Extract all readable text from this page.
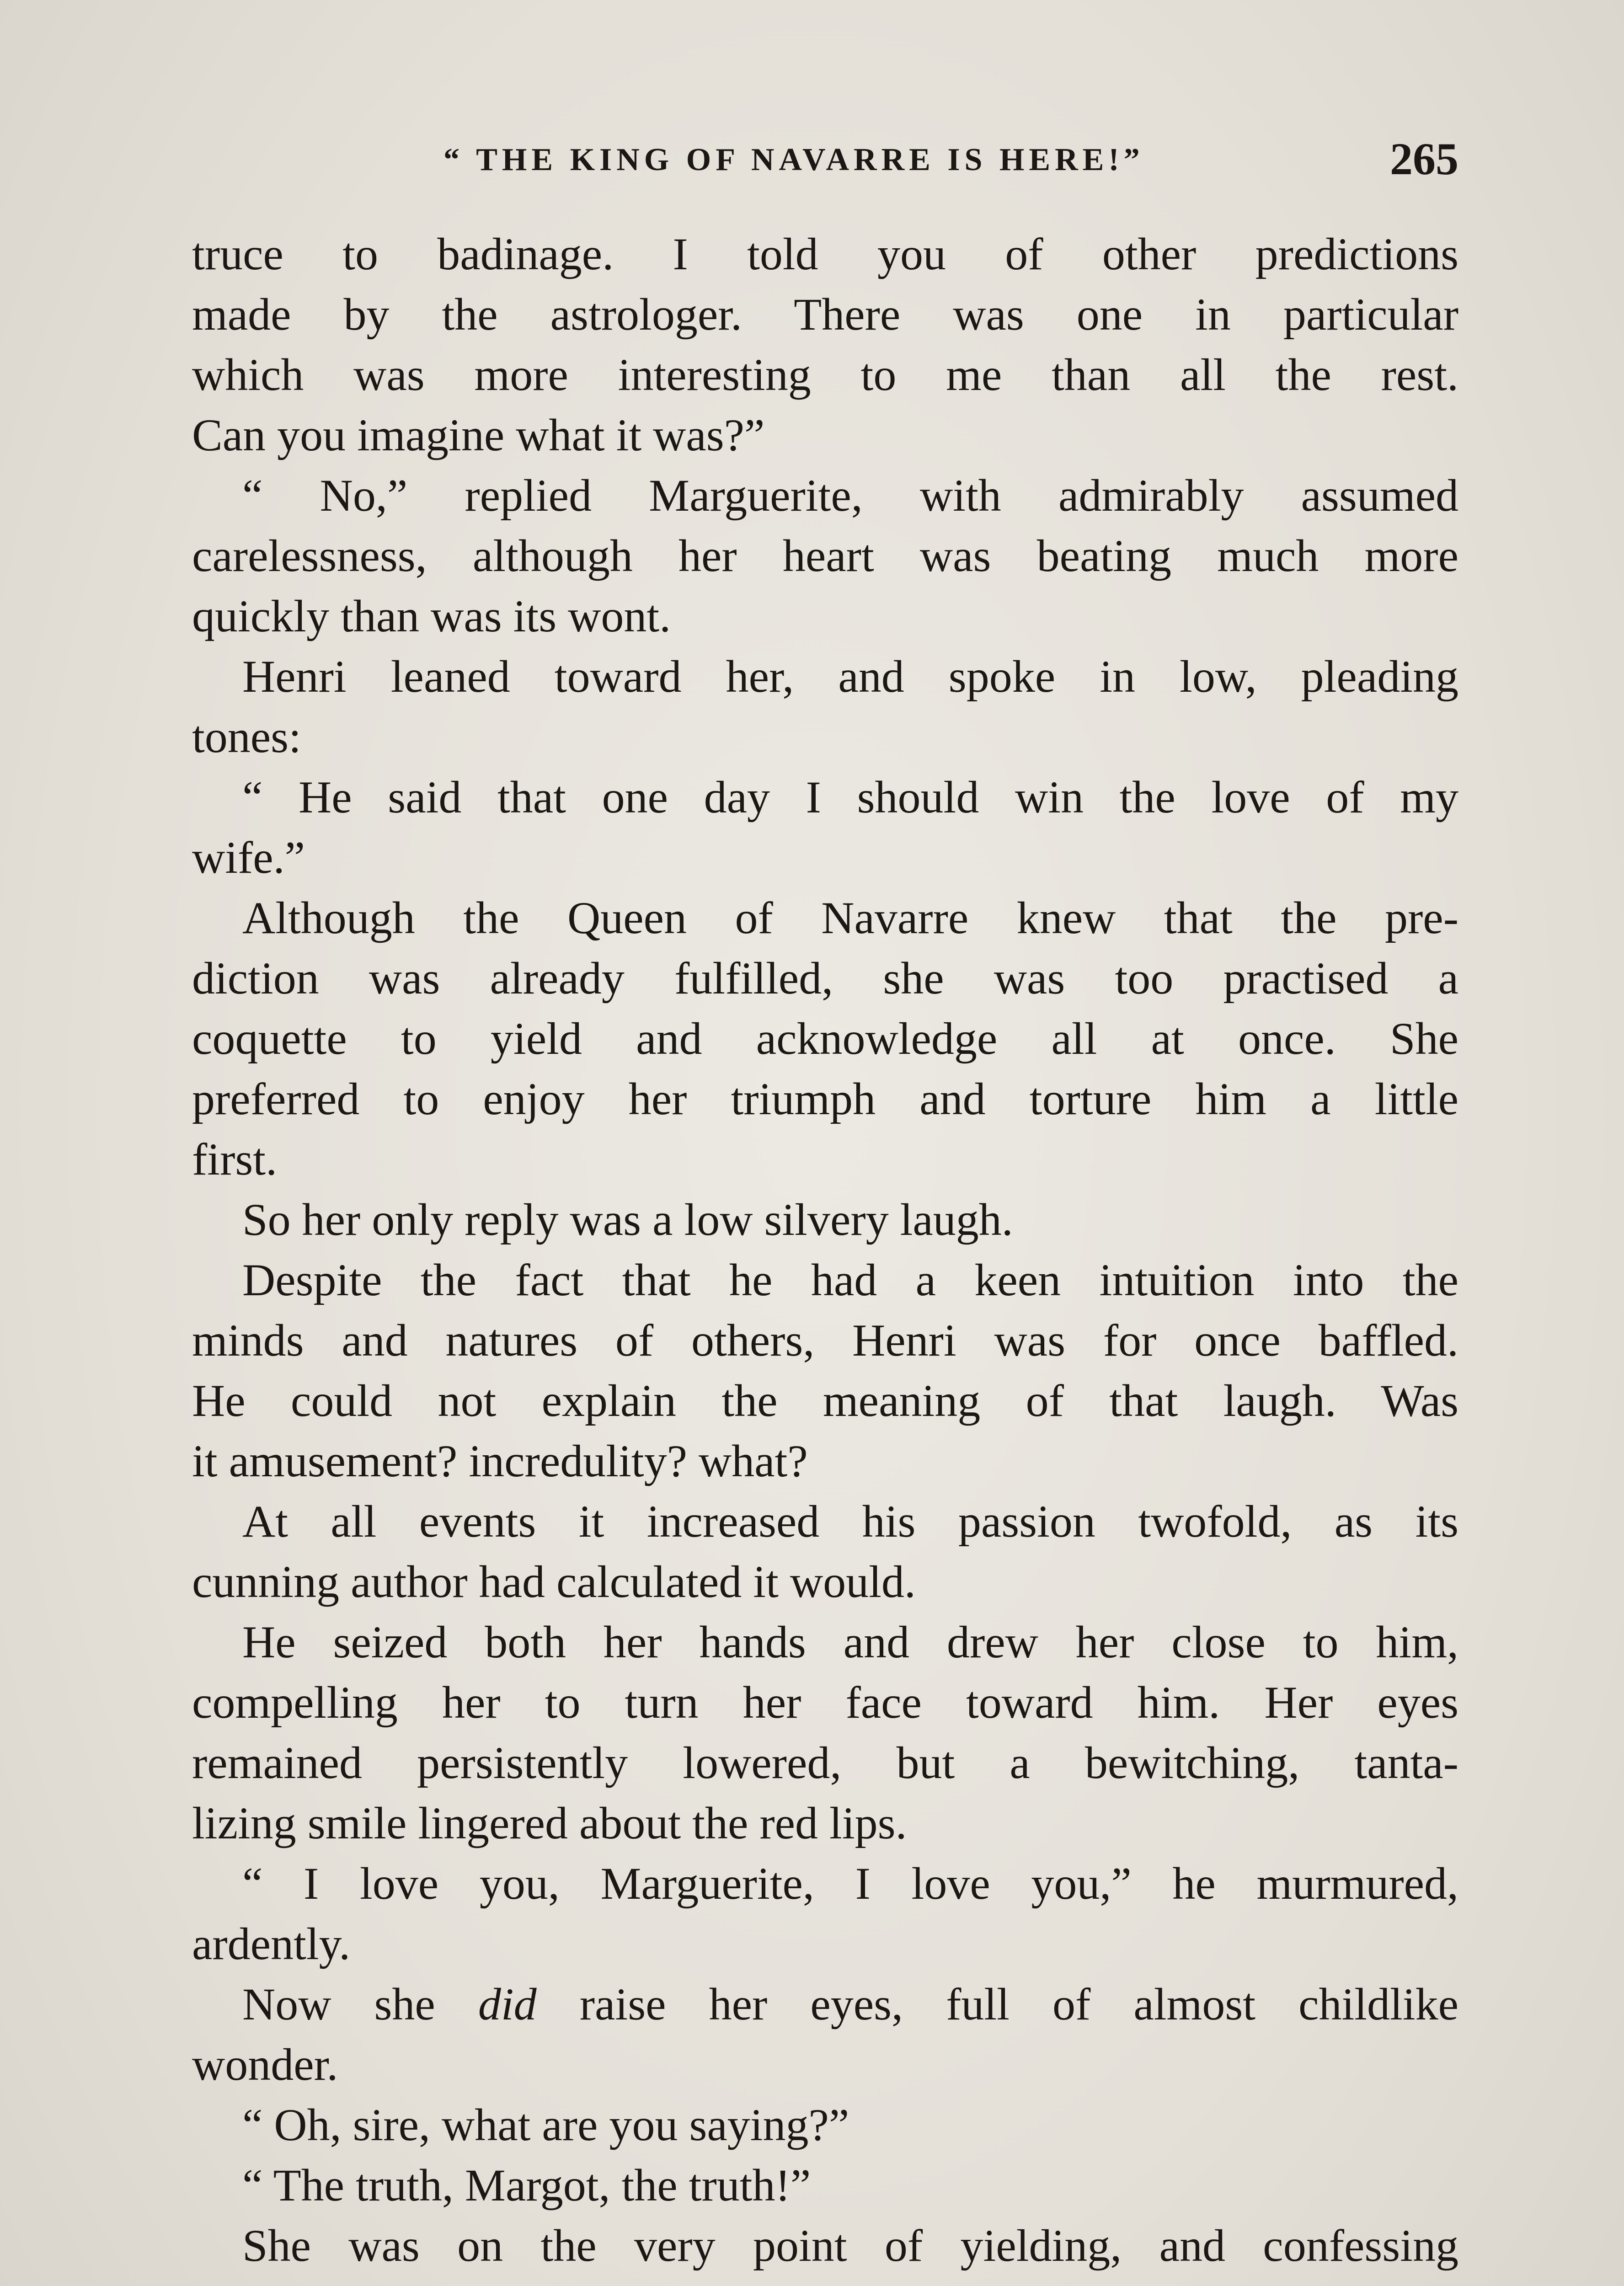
“ THE KING OF NAVARRE IS HERE!”	265
truce to badinage. I told you of other predictions
made by the astrologer. There was one in particular
which was more interesting to me than all the rest.
Can you imagine what it was?”
“ No,” replied Marguerite, with admirably assumed
carelessness, although her heart was beating much more
quickly than was its wont.
Henri leaned toward her, and spoke in low, pleading
tones:
“ He said that one day I should win the love of my
wife.”
Although the Queen of Navarre knew that the pre-
diction was already fulfilled, she was too practised a
coquette to yield and acknowledge all at once. She
preferred to enjoy her triumph and torture him a little
first.
So her only reply was a low silvery laugh.
Despite the fact that he had a keen intuition into the
minds and natures of others, Henri was for once baffled.
He could not explain the meaning of that laugh. Was
it amusement? incredulity? what?
At all events it increased his passion twofold, as its
cunning author had calculated it would.
He seized both her hands and drew her close to him,
compelling her to turn her face toward him. Her eyes
remained persistently lowered, but a bewitching, tanta-
lizing smile lingered about the red lips.
“ I love you, Marguerite, I love you,” he murmured,
ardently.
Now she did raise her eyes, full of almost childlike
wonder.
“ Oh, sire, what are you saying?”
“ The truth, Margot, the truth!”
She was on the very point of yielding, and confessing
